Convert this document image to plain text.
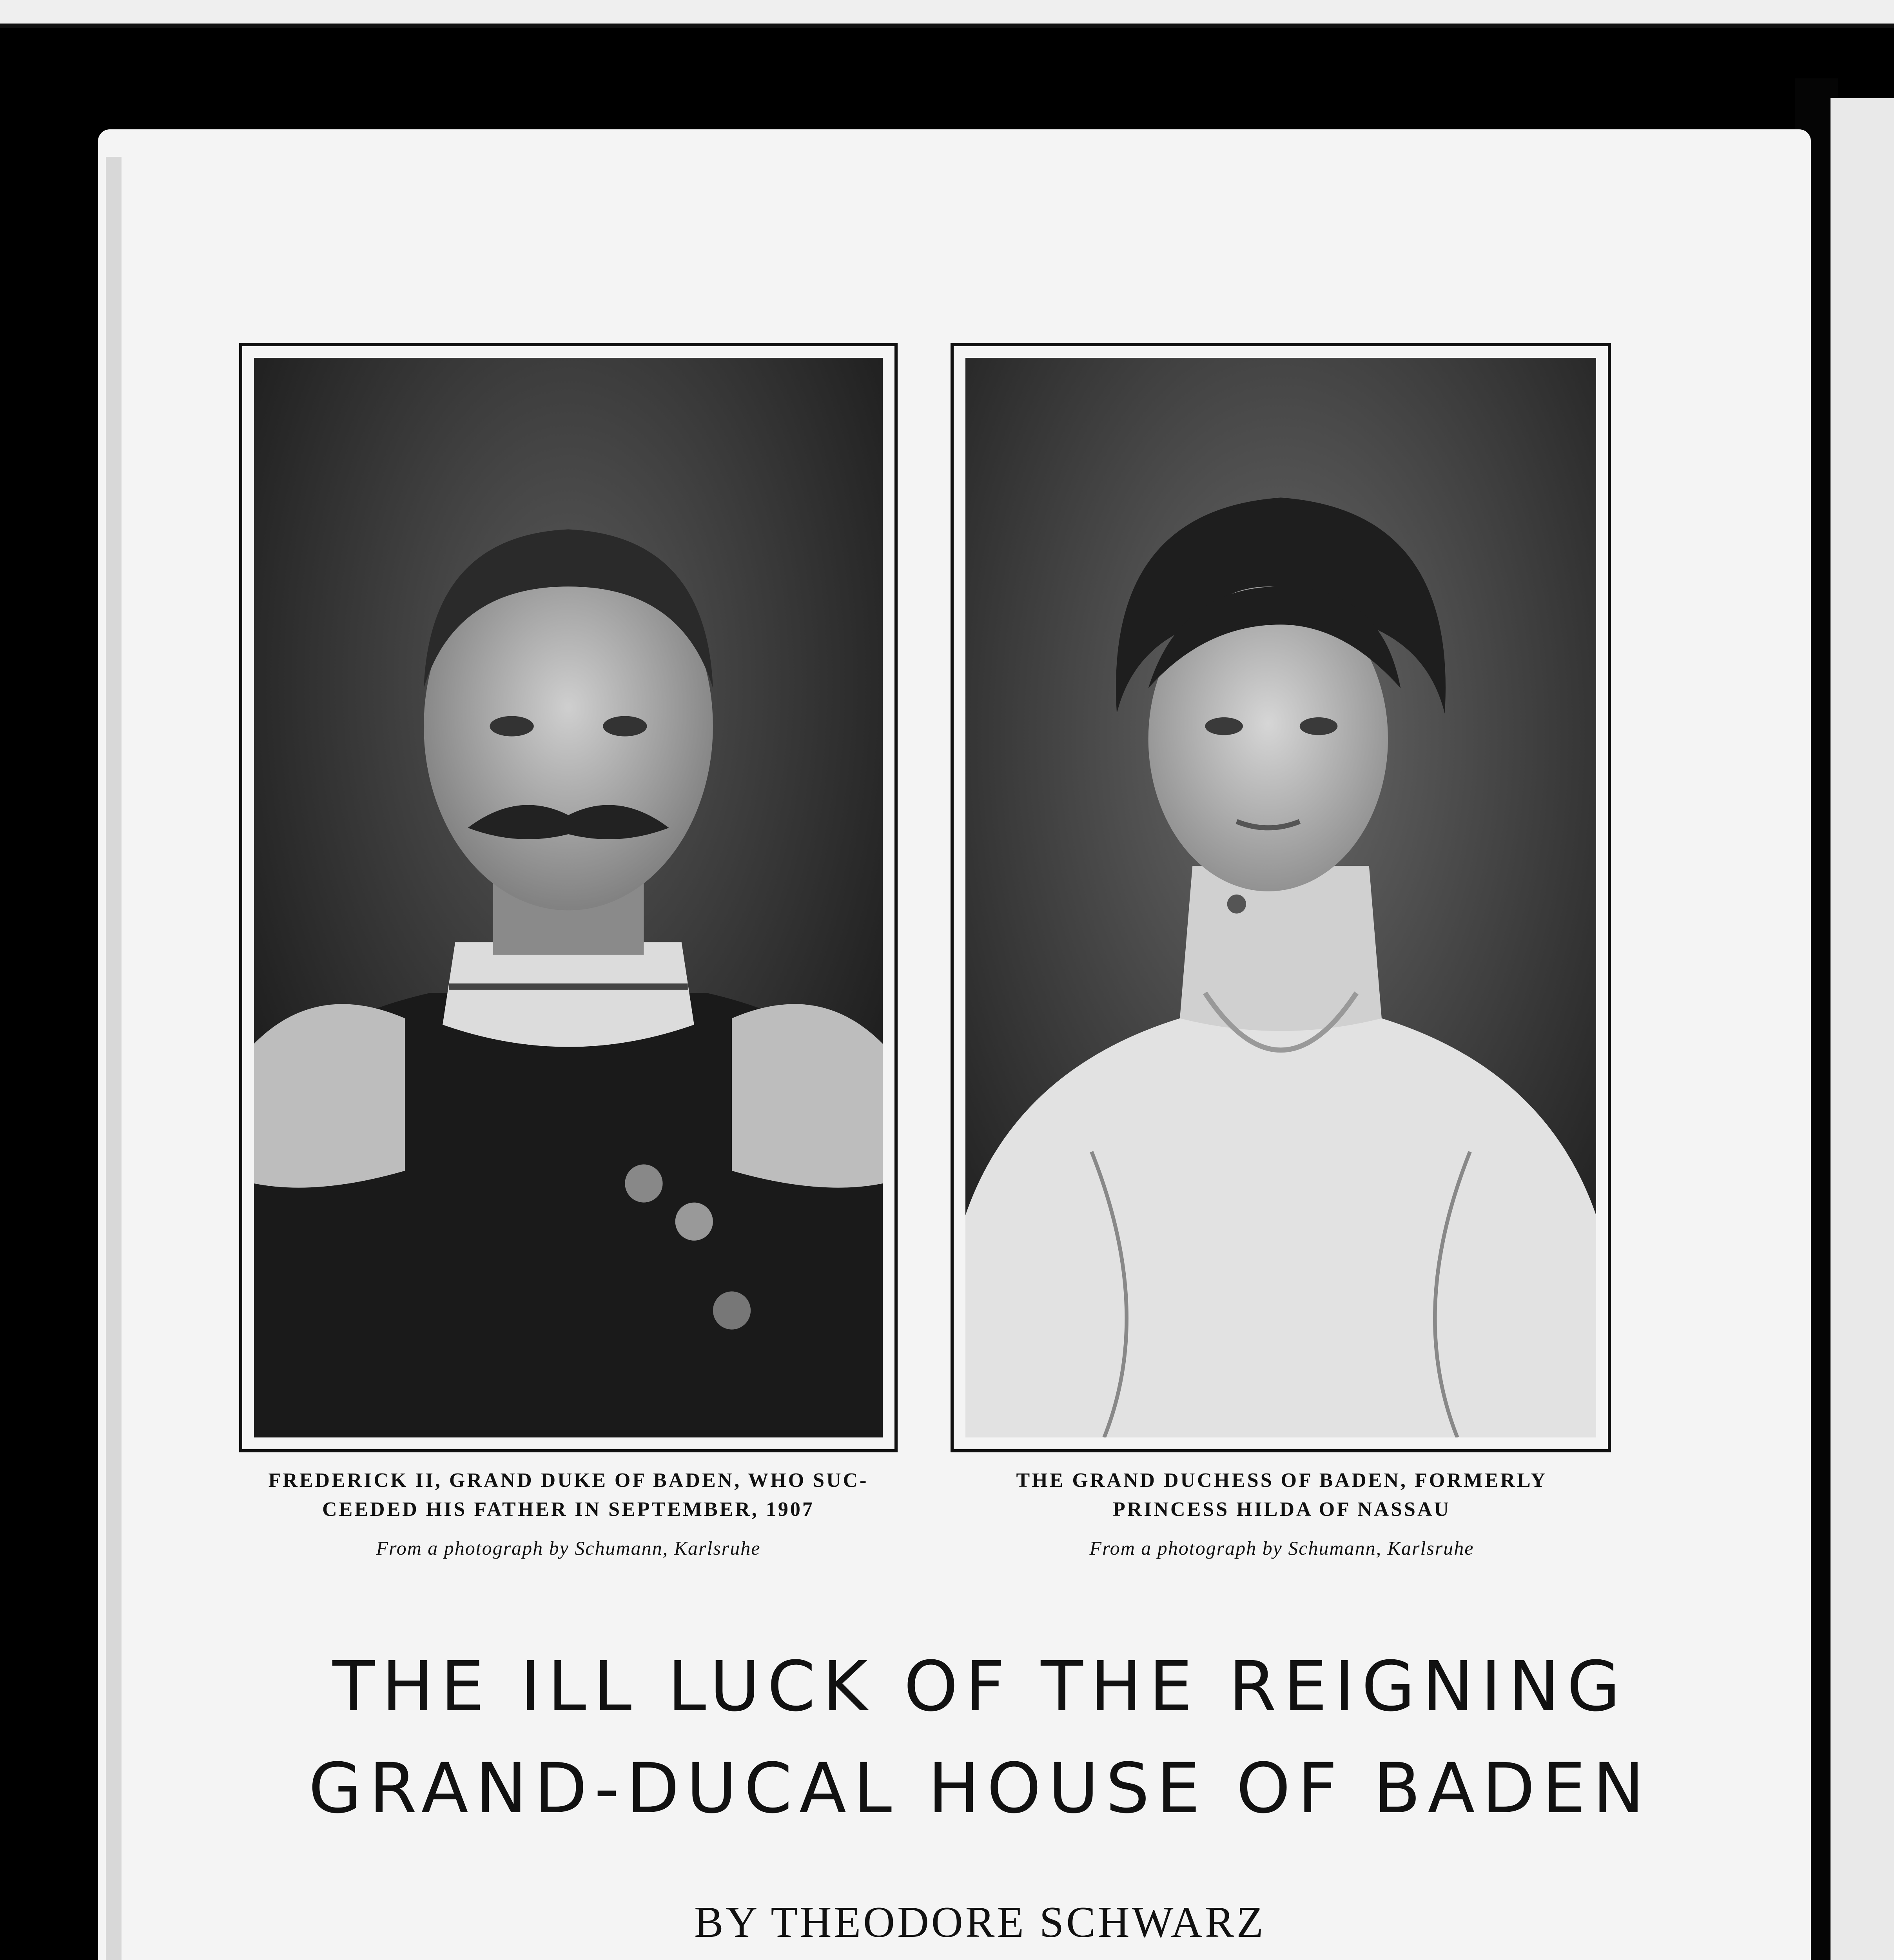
FREDERICK II, GRAND DUKE OF BADEN, WHO SUC-
CEEDED HIS FATHER IN SEPTEMBER, 1907
From a photograph by Schumann, Karlsruhe
THE GRAND DUCHESS OF BADEN, FORMERLY
PRINCESS HILDA OF NASSAU
From a photograph by Schumann, Karlsruhe
THE ILL LUCK OF THE REIGNING
GRAND-DUCAL HOUSE OF BADEN
BY THEODORE SCHWARZ
